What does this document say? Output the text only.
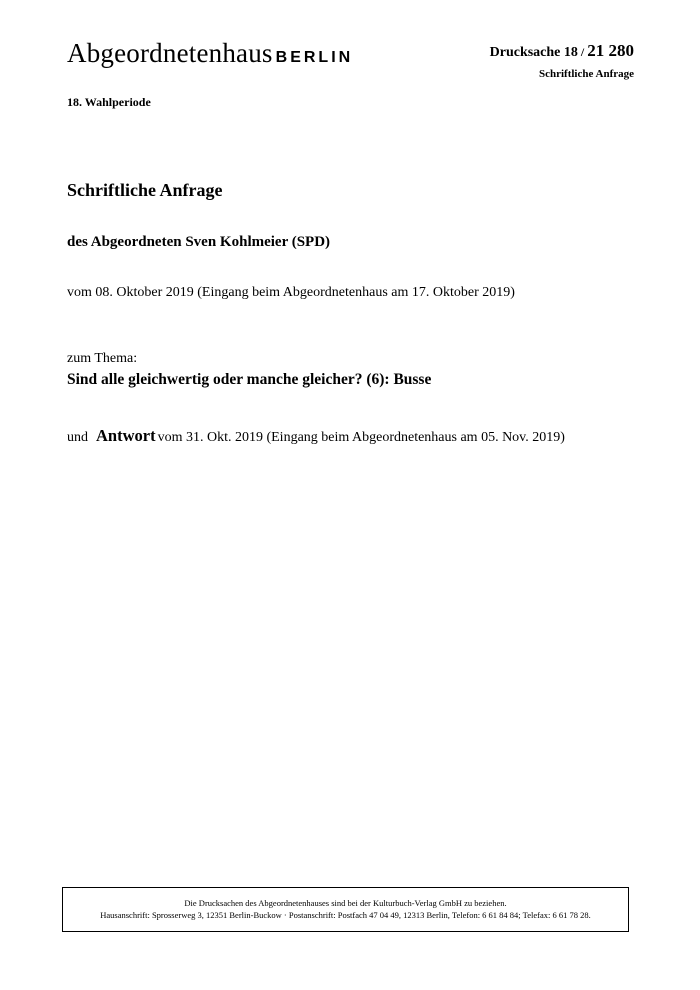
Abgeordnetenhaus BERLIN	Drucksache 18 / 21 280
Schriftliche Anfrage
18. Wahlperiode
Schriftliche Anfrage
des Abgeordneten Sven Kohlmeier (SPD)
vom 08. Oktober 2019 (Eingang beim Abgeordnetenhaus am 17. Oktober 2019)
zum Thema:
Sind alle gleichwertig oder manche gleicher? (6): Busse
und Antwort vom 31. Okt. 2019 (Eingang beim Abgeordnetenhaus am 05. Nov. 2019)
Die Drucksachen des Abgeordnetenhauses sind bei der Kulturbuch-Verlag GmbH zu beziehen.
Hausanschrift: Sprosserweg 3, 12351 Berlin-Buckow · Postanschrift: Postfach 47 04 49, 12313 Berlin, Telefon: 6 61 84 84; Telefax: 6 61 78 28.
